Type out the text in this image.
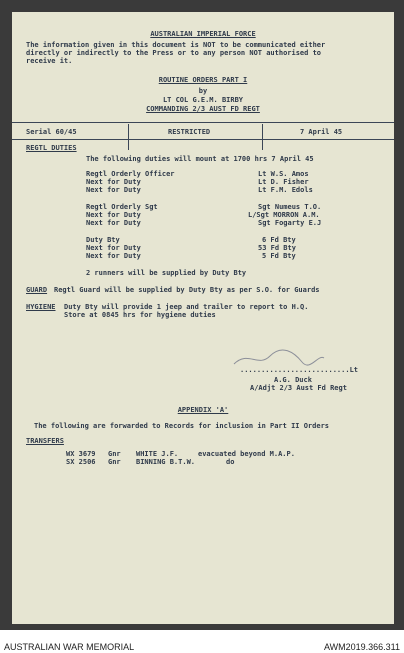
AUSTRALIAN IMPERIAL FORCE
The information given in this document is NOT to be communicated either
directly or indirectly to the Press or to any person NOT authorised to
receive it.
ROUTINE ORDERS PART I
by
LT COL G.E.M. BIRBY
COMMANDING 2/3 AUST FD REGT
Serial 60/45	RESTRICTED	7 April 45
REGTL DUTIES
The following duties will mount at 1700 hrs 7 April 45
Regtl Orderly Officer	Lt W.S. Amos
Next for Duty	Lt D. Fisher
Next for Duty	Lt F.M. Edols
Regtl Orderly Sgt	Sgt Numeus T.O.
Next for Duty	L/Sgt MORRON A.M.
Next for Duty	Sgt Fogarty E.J
Duty Bty	6 Fd Bty
Next for Duty	53 Fd Bty
Next for Duty	5 Fd Bty
2 runners will be supplied by Duty Bty
GUARD Regtl Guard will be supplied by Duty Bty as per S.O. for Guards
HYGIENE Duty Bty will provide 1 jeep and trailer to report to H.Q.
Store at 0845 hrs for hygiene duties
..........................Lt
A.G. Duck
A/Adjt 2/3 Aust Fd Regt
APPENDIX 'A'
The following are forwarded to Records for inclusion in Part II Orders
TRANSFERS
WX 3679 Gnr WHITE J.F.	evacuated beyond M.A.P.
SX 2506 Gnr BINNING B.T.W.	do
AUSTRALIAN WAR MEMORIAL	AWM2019.366.311
